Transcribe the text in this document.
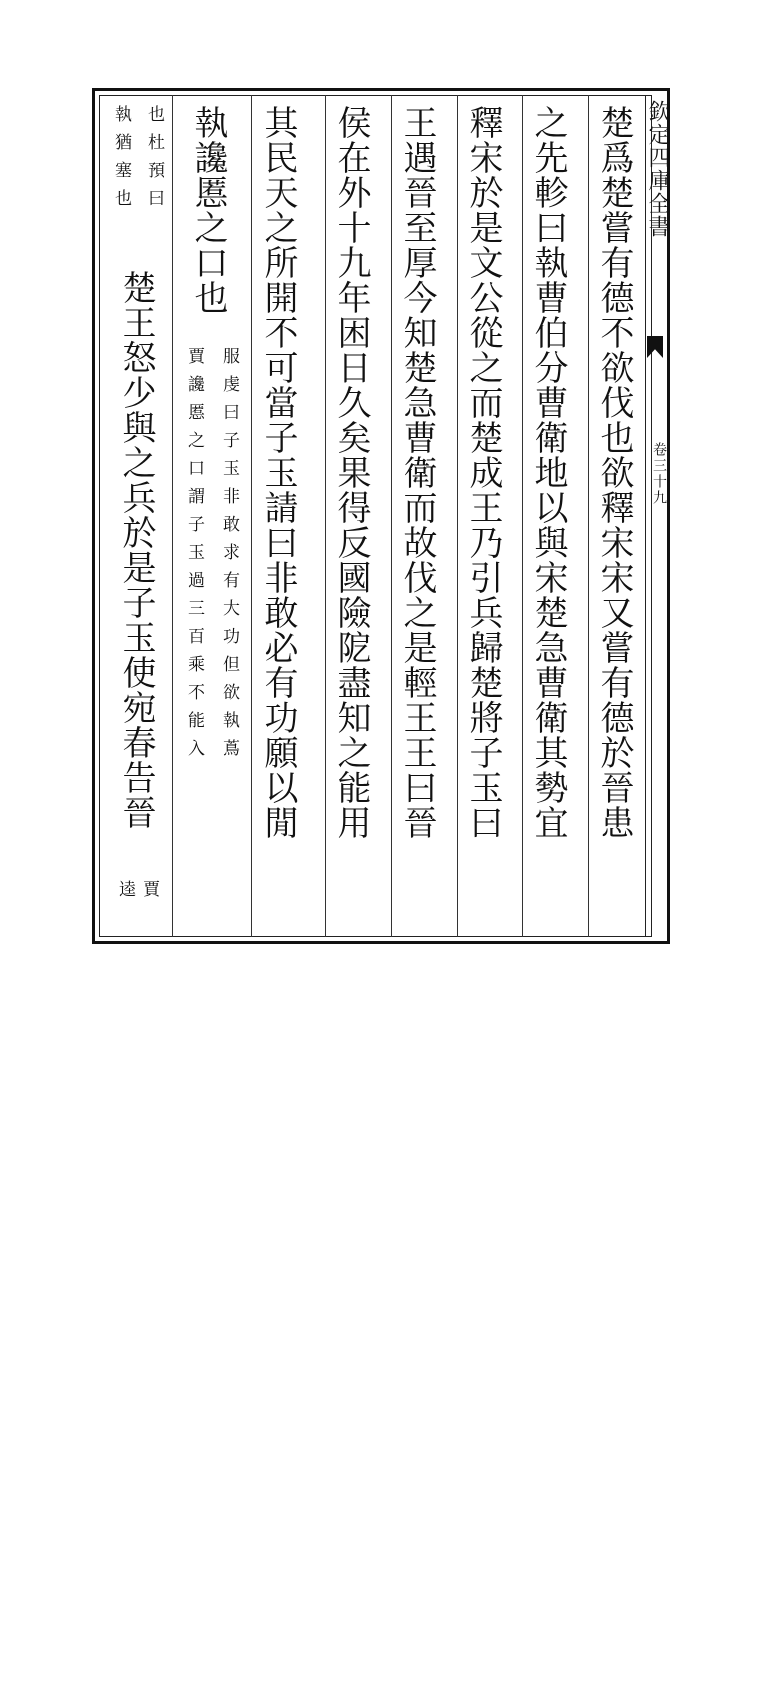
欽定四庫全書
卷三十九
楚爲楚嘗有德不欲伐也欲釋宋宋又嘗有德於晉患
之先軫曰執曹伯分曹衛地以與宋楚急曹衛其勢宜
釋宋於是文公從之而楚成王乃引兵歸楚將子玉曰
王遇晉至厚今知楚急曹衛而故伐之是輕王王曰晉
侯在外十九年困日久矣果得反國險阸盡知之能用
其民天之所開不可當子玉請曰非敢必有功願以閒
執讒慝之口也
服虔曰子玉非敢求有大功但欲執蔦
賈讒慝之口謂子玉過三百乘不能入
也杜預曰
執猶塞也
楚王怒少與之兵於是子玉使宛春告晉
賈
逵
